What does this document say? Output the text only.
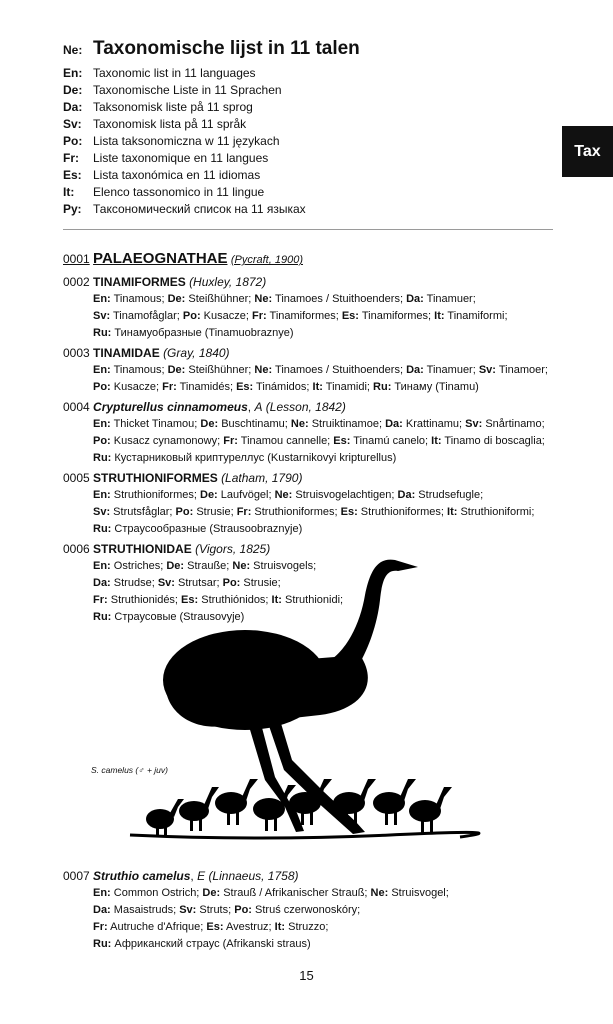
Tax
Ne: Taxonomische lijst in 11 talen
En: Taxonomic list in 11 languages
De: Taxonomische Liste in 11 Sprachen
Da: Taksonomisk liste på 11 sprog
Sv: Taxonomisk lista på 11 språk
Po: Lista taksonomiczna w 11 językach
Fr:	Liste taxonomique en 11 langues
Es: Lista taxonómica en 11 idiomas
It:	Elenco tassonomico in 11 lingue
Ру: Таксономический список на 11 языках
0001 PALAEOGNATHAE (Pycraft, 1900)
0002 TINAMIFORMES (Huxley, 1872)
En: Tinamous; De: Steißhühner; Ne: Tinamoes / Stuithoenders; Da: Tinamuer;
Sv: Tinamofåglar; Po: Kusacze; Fr: Tinamiformes; Es: Tinamiformes; It: Tinamiformi;
Ru: Тинамуобразные (Tinamuobraznye)
0003 TINAMIDAE (Gray, 1840)
En: Tinamous; De: Steißhühner; Ne: Tinamoes / Stuithoenders; Da: Tinamuer; Sv: Tinamoer;
Po: Kusacze; Fr: Tinamidés; Es: Tinámidos; It: Tinamidi; Ru: Тинаму (Tinamu)
0004 Crypturellus cinnamomeus, A (Lesson, 1842)
En: Thicket Tinamou; De: Buschtinamu; Ne: Struiktinamoe; Da: Krattinamu; Sv: Snårtinamo;
Po: Kusacz cynamonowy; Fr: Tinamou cannelle; Es: Tinamú canelo; It: Tinamo di boscaglia;
Ru: Кустарниковый криптуреллус (Kustarnikovyi kripturellus)
0005 STRUTHIONIFORMES (Latham, 1790)
En: Struthioniformes; De: Laufvögel; Ne: Struisvogelachtigen; Da: Strudsefugle;
Sv: Strutsfåglar; Po: Strusie; Fr: Struthioniformes; Es: Struthioniformes; It: Struthioniformi;
Ru: Страусообразные (Strausoobraznyje)
0006 STRUTHIONIDAE (Vigors, 1825)
En: Ostriches; De: Strauße; Ne: Struisvogels;
Da: Strudse; Sv: Strutsar; Po: Strusie;
Fr: Struthionidés; Es: Struthiónidos; It: Struthionidi;
Ru: Страусовые (Strausovyje)
S. camelus (♂ + juv)
0007 Struthio camelus, E (Linnaeus, 1758)
En: Common Ostrich; De: Strauß / Afrikanischer Strauß; Ne: Struisvogel;
Da: Masaistruds; Sv: Struts; Po: Struś czerwonoskóry;
Fr: Autruche d'Afrique; Es: Avestruz; It: Struzzo;
Ru: Африканский страус (Afrikanski straus)
15
